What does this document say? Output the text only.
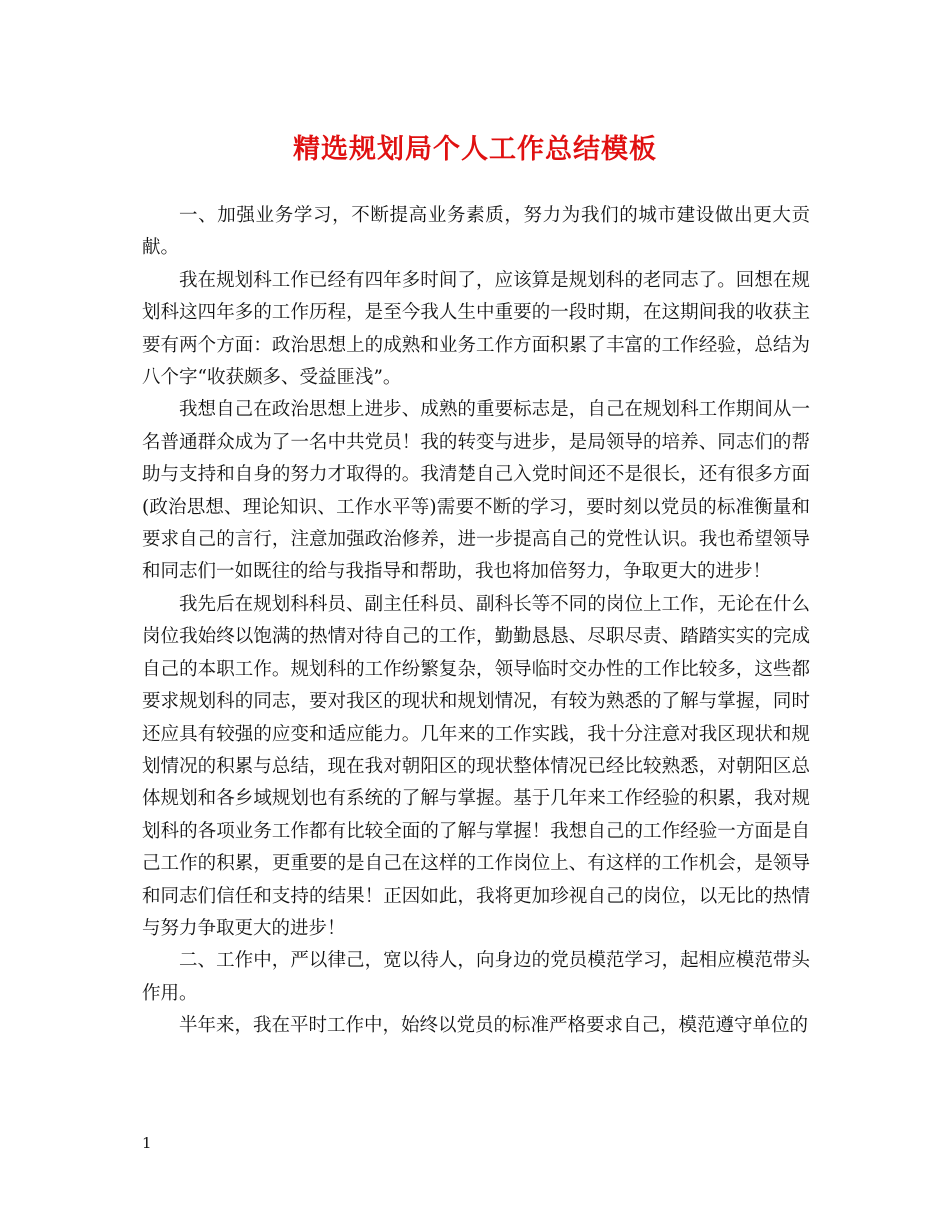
精选规划局个人工作总结模板

一、加强业务学习，不断提高业务素质，努力为我们的城市建设做出更大贡献。

我在规划科工作已经有四年多时间了，应该算是规划科的老同志了。回想在规划科这四年多的工作历程，是至今我人生中重要的一段时期，在这期间我的收获主要有两个方面：政治思想上的成熟和业务工作方面积累了丰富的工作经验，总结为八个字“收获颇多、受益匪浅”。

我想自己在政治思想上进步、成熟的重要标志是，自己在规划科工作期间从一名普通群众成为了一名中共党员！我的转变与进步，是局领导的培养、同志们的帮助与支持和自身的努力才取得的。我清楚自己入党时间还不是很长，还有很多方面(政治思想、理论知识、工作水平等)需要不断的学习，要时刻以党员的标准衡量和要求自己的言行，注意加强政治修养，进一步提高自己的党性认识。我也希望领导和同志们一如既往的给与我指导和帮助，我也将加倍努力，争取更大的进步！

我先后在规划科科员、副主任科员、副科长等不同的岗位上工作，无论在什么岗位我始终以饱满的热情对待自己的工作，勤勤恳恳、尽职尽责、踏踏实实的完成自己的本职工作。规划科的工作纷繁复杂，领导临时交办性的工作比较多，这些都要求规划科的同志，要对我区的现状和规划情况，有较为熟悉的了解与掌握，同时还应具有较强的应变和适应能力。几年来的工作实践，我十分注意对我区现状和规划情况的积累与总结，现在我对朝阳区的现状整体情况已经比较熟悉，对朝阳区总体规划和各乡域规划也有系统的了解与掌握。基于几年来工作经验的积累，我对规划科的各项业务工作都有比较全面的了解与掌握！我想自己的工作经验一方面是自己工作的积累，更重要的是自己在这样的工作岗位上、有这样的工作机会，是领导和同志们信任和支持的结果！正因如此，我将更加珍视自己的岗位，以无比的热情与努力争取更大的进步！

二、工作中，严以律己，宽以待人，向身边的党员模范学习，起相应模范带头作用。

半年来，我在平时工作中，始终以党员的标准严格要求自己，模范遵守单位的

1
